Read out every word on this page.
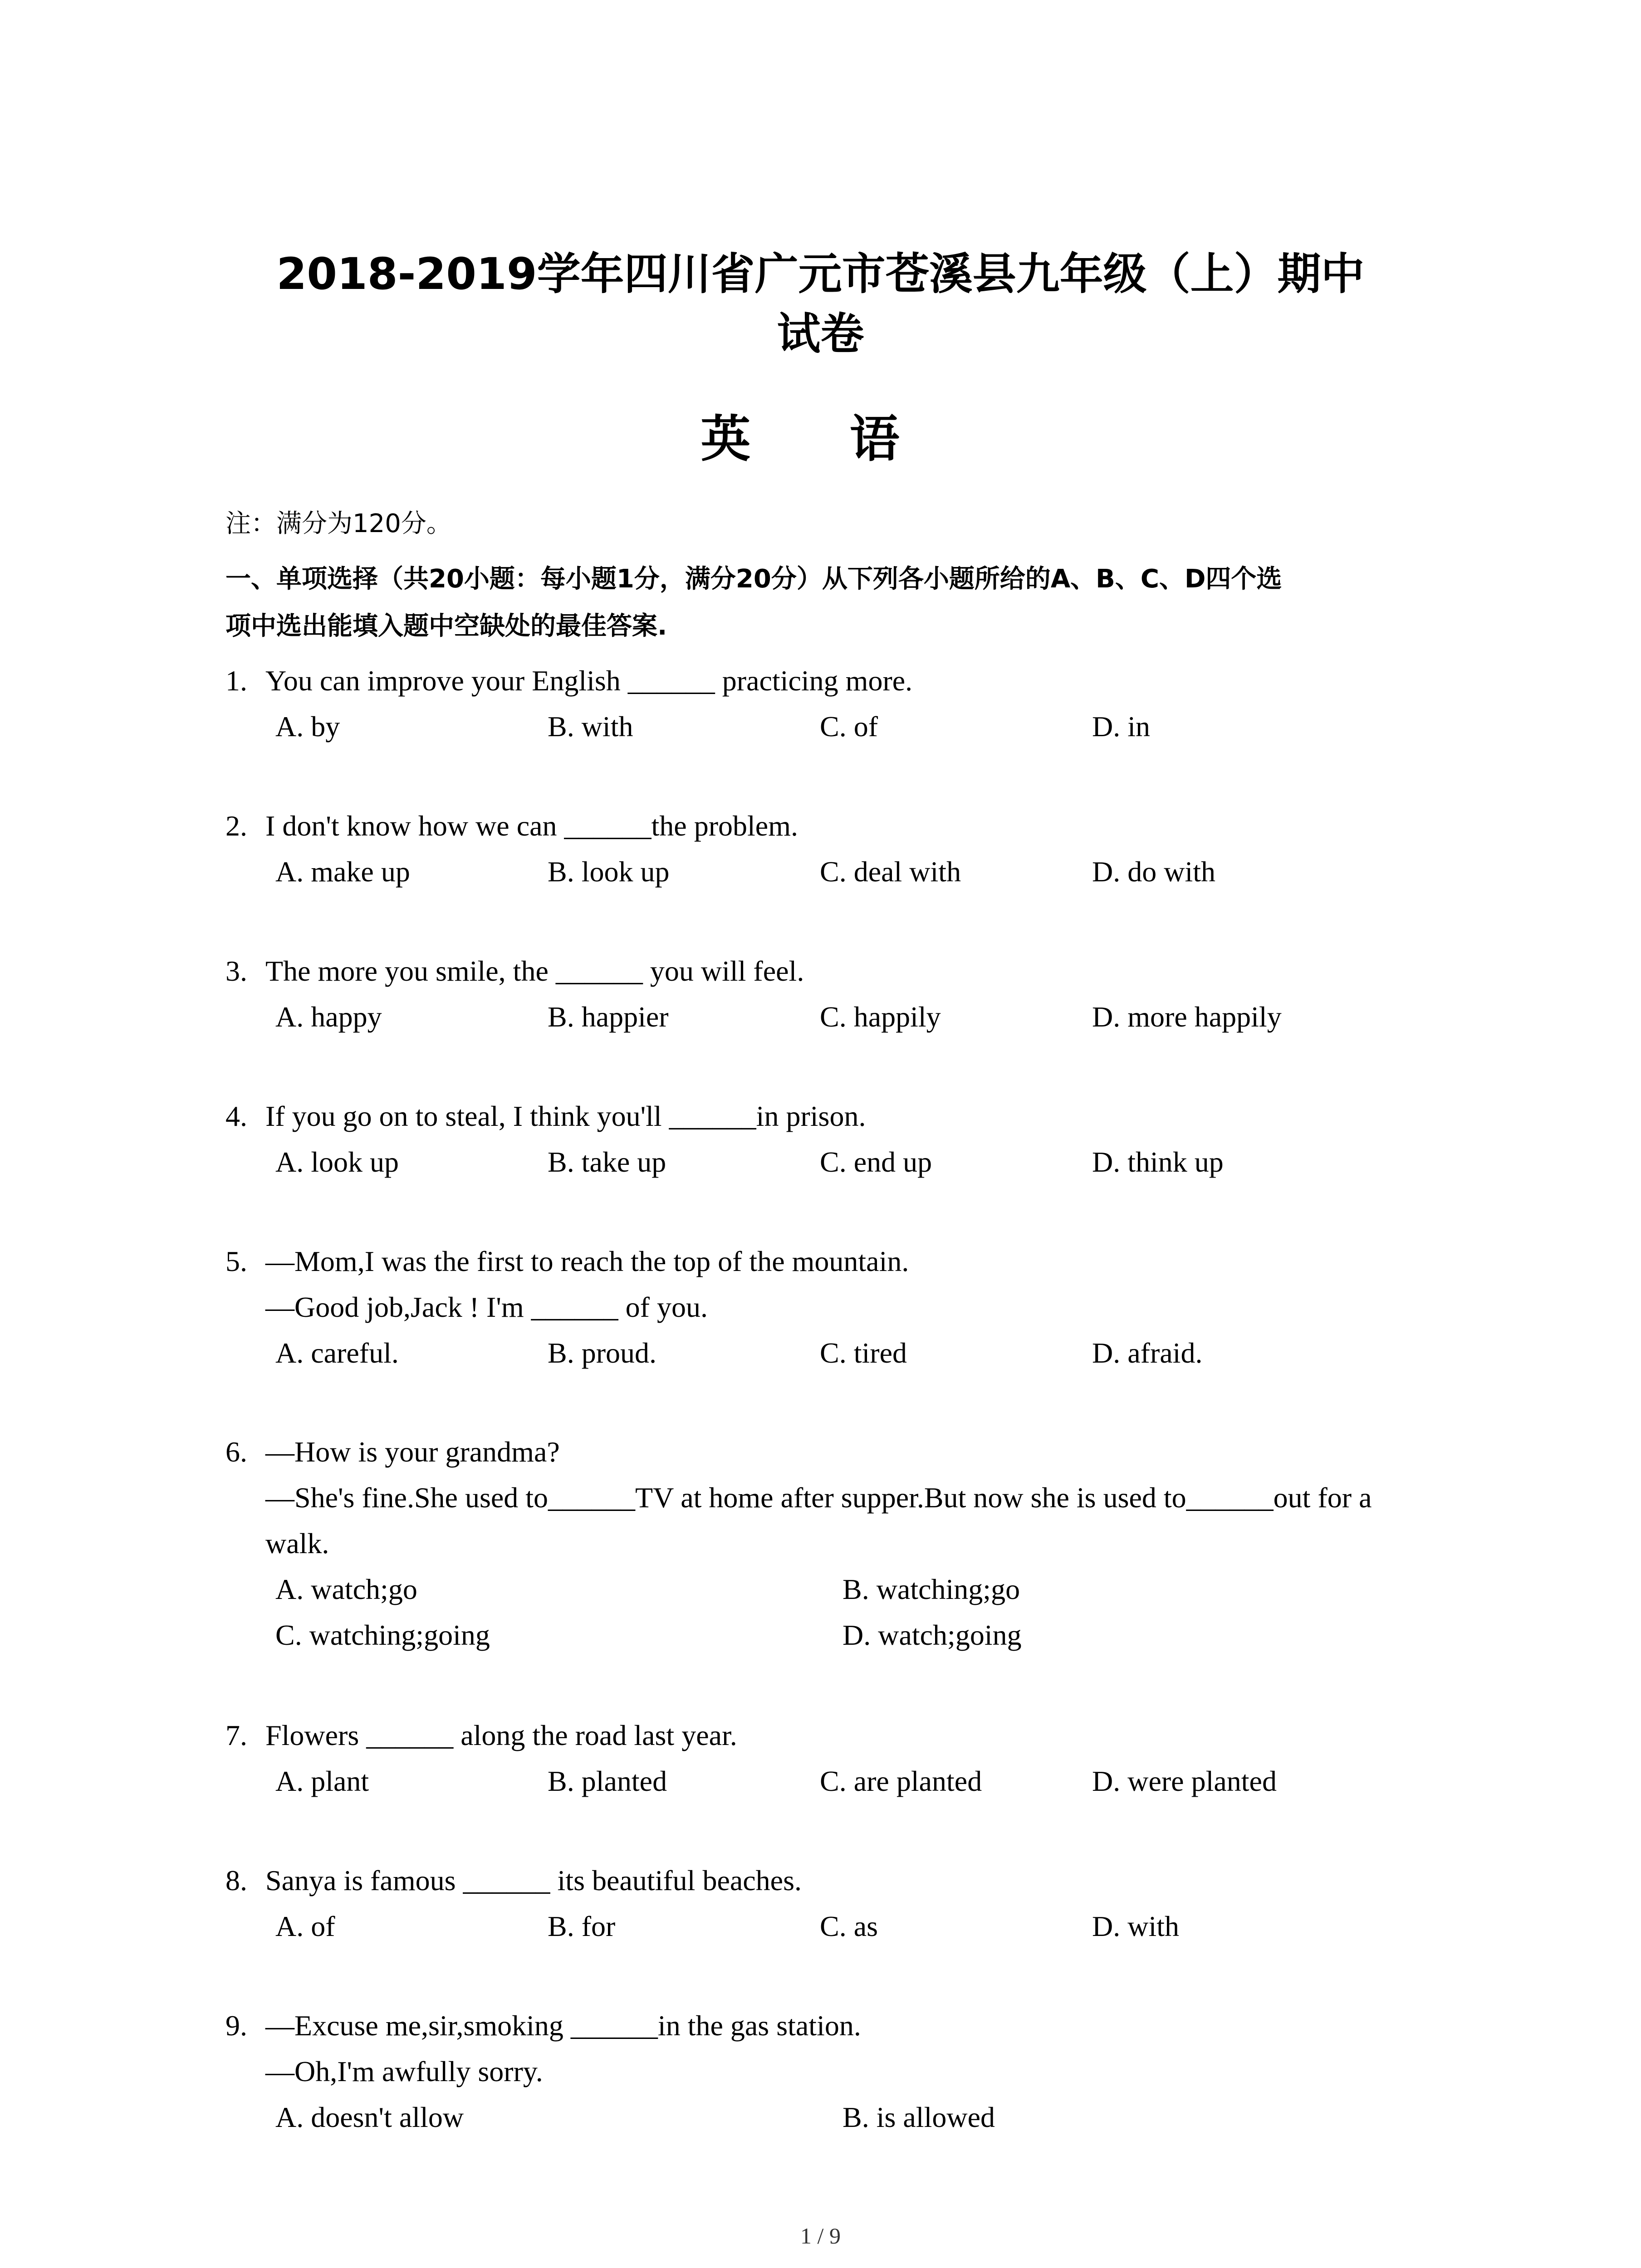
2018-2019学年四川省广元市苍溪县九年级（上）期中
试卷
英 语
注：满分为120分。
一、单项选择（共20小题：每小题1分，满分20分）从下列各小题所给的A、B、C、D四个选
项中选出能填入题中空缺处的最佳答案.
1. You can improve your English ______ practicing more.
A. by	B. with	C. of	D. in
2. I don't know how we can ______the problem.
A. make up	B. look up	C. deal with	D. do with
3. The more you smile, the ______ you will feel.
A. happy	B. happier	C. happily	D. more happily
4. If you go on to steal, I think you'll ______in prison.
A. look up	B. take up	C. end up	D. think up
5. —Mom,I was the first to reach the top of the mountain.
—Good job,Jack ! I'm ______ of you.
A. careful.	B. proud.	C. tired	D. afraid.
6. —How is your grandma?
—She's fine.She used to______TV at home after supper.But now she is used to______out for a walk.
A. watch;go	B. watching;go
C. watching;going	D. watch;going
7. Flowers ______ along the road last year.
A. plant	B. planted	C. are planted	D. were planted
8. Sanya is famous ______ its beautiful beaches.
A. of	B. for	C. as	D. with
9. —Excuse me,sir,smoking ______in the gas station.
—Oh,I'm awfully sorry.
A. doesn't allow	B. is allowed
1 / 9
